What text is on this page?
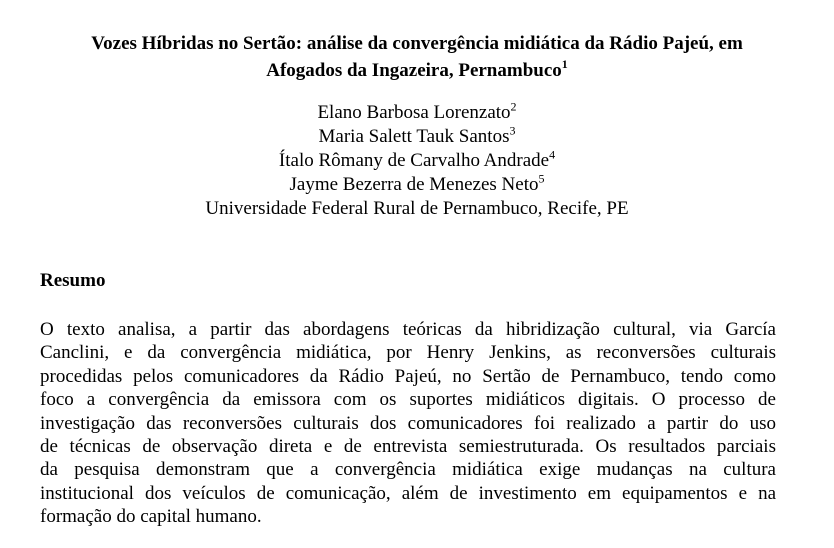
Vozes Híbridas no Sertão: análise da convergência midiática da Rádio Pajeú, em
Afogados da Ingazeira, Pernambuco$^1$
Elano Barbosa Lorenzato$^2$
Maria Salett Tauk Santos$^3$
Ítalo Rômany de Carvalho Andrade$^4$
Jayme Bezerra de Menezes Neto$^5$
Universidade Federal Rural de Pernambuco, Recife, PE
Resumo

O texto analisa, a partir das abordagens teóricas da hibridização cultural, via García
Canclini, e da convergência midiática, por Henry Jenkins, as reconversões culturais
procedidas pelos comunicadores da Rádio Pajeú, no Sertão de Pernambuco, tendo como
foco a convergência da emissora com os suportes midiáticos digitais. O processo de
investigação das reconversões culturais dos comunicadores foi realizado a partir do uso
de técnicas de observação direta e de entrevista semiestruturada. Os resultados parciais
da pesquisa demonstram que a convergência midiática exige mudanças na cultura
institucional dos veículos de comunicação, além de investimento em equipamentos e na
formação do capital humano.
